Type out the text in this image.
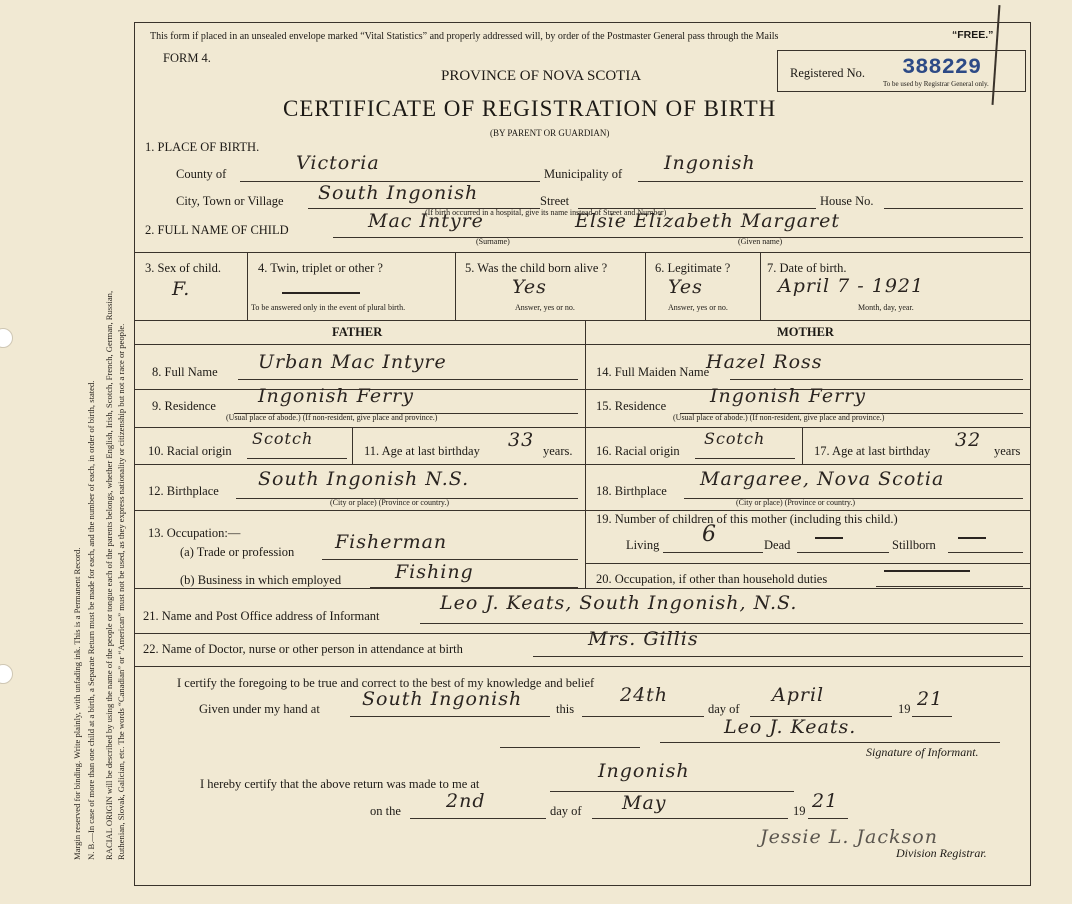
Margin reserved for binding. Write plainly, with unfading ink. This is a Permanent Record. N. B.—In case of more than one child at a birth, a Separate Return must be made for each, and the number of each, in order of birth, stated. RACIAL ORIGIN will be described by using the name of the people or tongue each of the parents belongs, whether English, Irish, Scotch, French, German, Russian, Ruthenian, Slovak, Galician, etc. The words “Canadian” or “American” must not be used, as they express nationality or citizenship but not a race or people.
This form if placed in an unsealed envelope marked “Vital Statistics” and properly addressed will, by order of the Postmaster General pass through the Mails	“FREE.”
FORM 4.
PROVINCE OF NOVA SCOTIA
CERTIFICATE OF REGISTRATION OF BIRTH
(BY PARENT OR GUARDIAN)
Registered No. 388229
To be used by Registrar General only.
1. PLACE OF BIRTH.
County of	Victoria	Municipality of Ingonish
City, Town or Village South Ingonish	Street	House No.
(If birth occurred in a hospital, give its name instead of Street and Number)
2. FULL NAME OF CHILD	Mac Intyre	Elsie Elizabeth Margaret
(Surname)	(Given name)
3. Sex of child.
F.
4. Twin, triplet or other ?
To be answered only in the event of plural birth.
5. Was the child born alive ?
Yes
Answer, yes or no.
6. Legitimate ?
Yes
Answer, yes or no.
7. Date of birth.
April 7 - 1921
Month, day, year.
FATHER	MOTHER
8. Full Name Urban Mac Intyre
9. Residence Ingonish Ferry
(Usual place of abode.) (If non-resident, give place and province.)
10. Racial origin
Scotch
11. Age at last birthday 33 years.
12. Birthplace
South Ingonish N.S.
(City or place) (Province or country.)
13. Occupation:—
(a) Trade or profession Fisherman
(b) Business in which employed	Fishing
14. Full Maiden Name
Hazel Ross
15. Residence Ingonish Ferry
(Usual place of abode.) (If non-resident, give place and province.)
16. Racial origin
Scotch
17. Age at last birthday 32 years
18. Birthplace
Margaree, Nova Scotia
(City or place) (Province or country.)
19. Number of children of this mother (including this child.)
Living 6	Dead	Stillborn
20. Occupation, if other than household duties
21. Name and Post Office address of Informant
Leo J. Keats, South Ingonish, N.S.
22. Name of Doctor, nurse or other person in attendance at birth	Mrs. Gillis
I certify the foregoing to be true and correct to the best of my knowledge and belief
Given under my hand at South Ingonish	this
24th
day of
April
19 21
Leo J. Keats.
Signature of Informant.
I hereby certify that the above return was made to me at
Ingonish
on the 2nd	day of May	19 21
Jessie L. Jackson
Division Registrar.
